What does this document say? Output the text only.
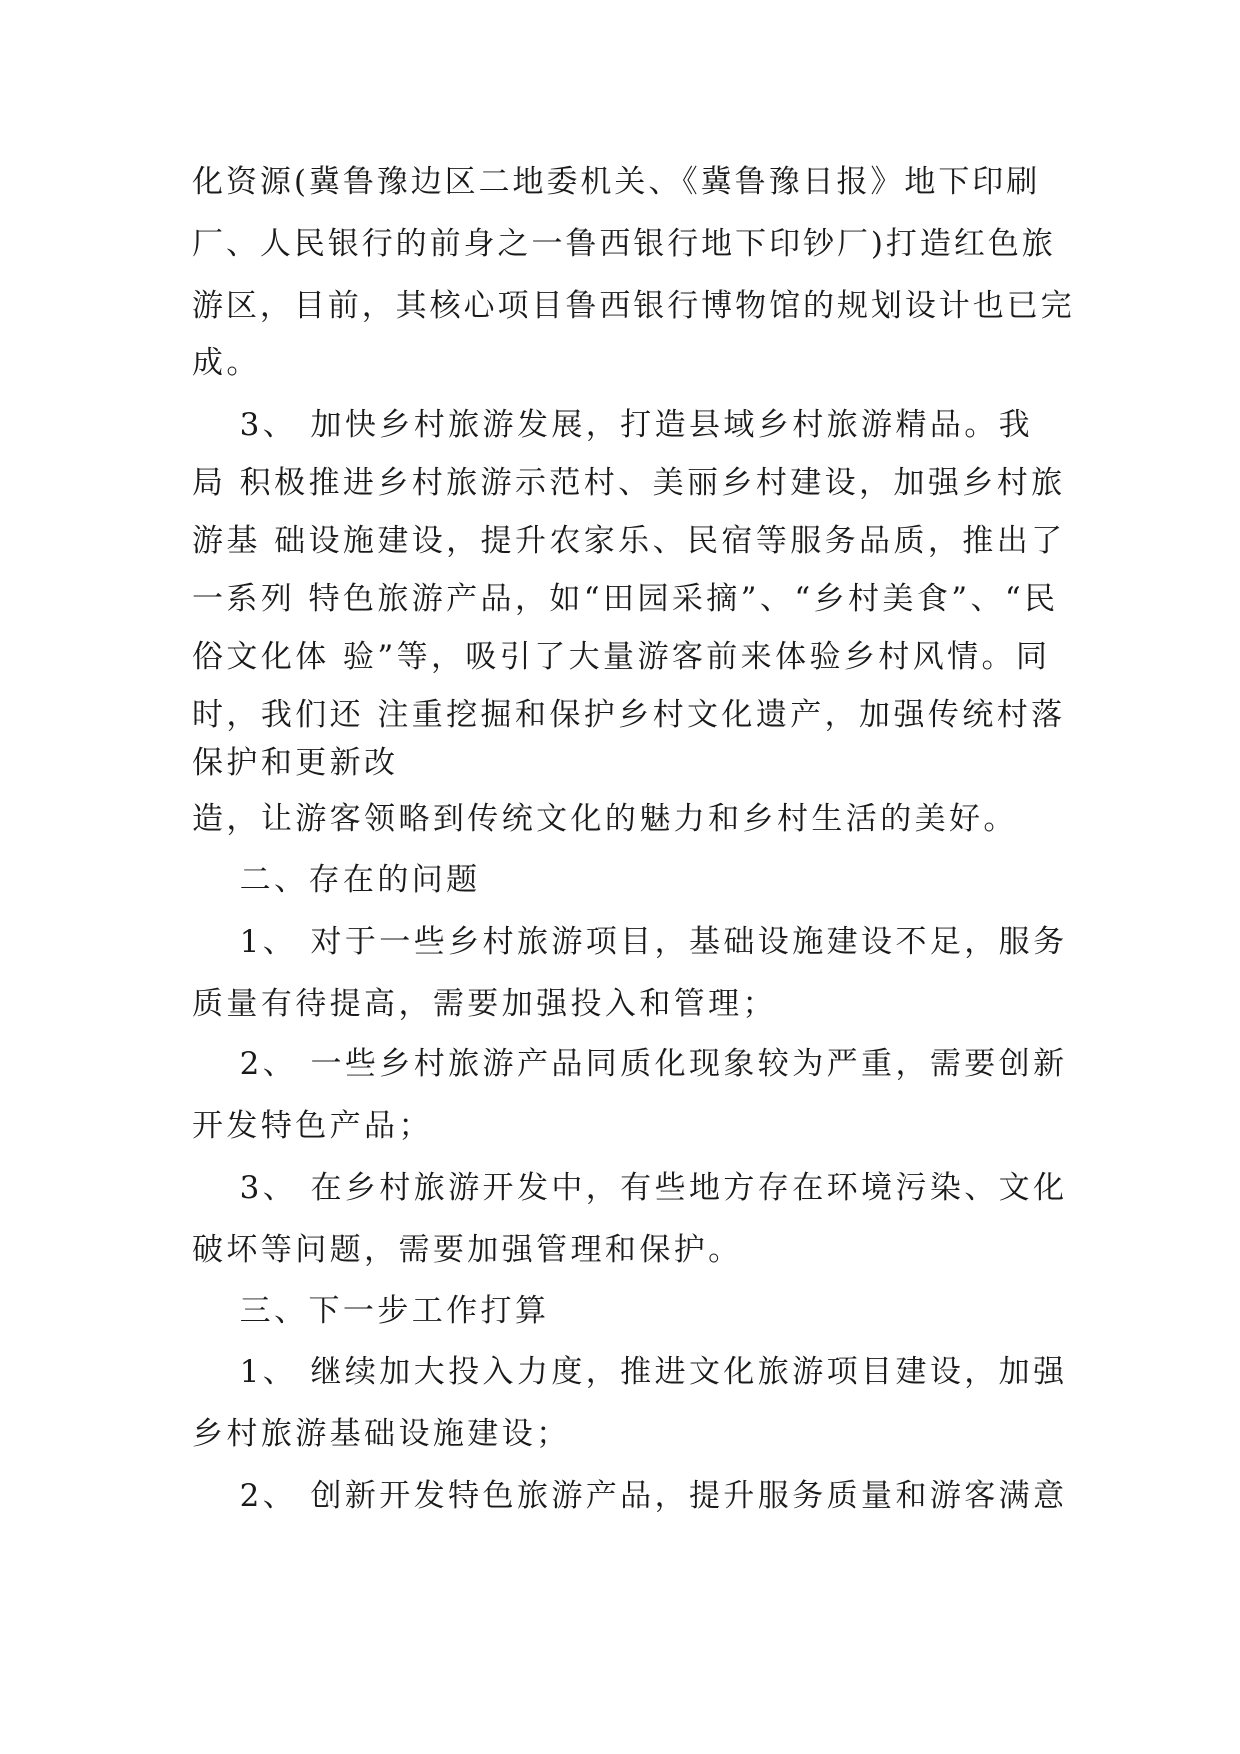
化资源(冀鲁豫边区二地委机关、《冀鲁豫日报》地下印刷
厂、人民银行的前身之一鲁西银行地下印钞厂)打造红色旅
游区，目前，其核心项目鲁西银行博物馆的规划设计也已完
成。
　 3、 加快乡村旅游发展，打造县域乡村旅游精品。我
局 积极推进乡村旅游示范村、美丽乡村建设，加强乡村旅
游基 础设施建设，提升农家乐、民宿等服务品质，推出了
一系列 特色旅游产品，如“田园采摘”、“乡村美食”、“民
俗文化体 验”等，吸引了大量游客前来体验乡村风情。同
时，我们还 注重挖掘和保护乡村文化遗产，加强传统村落
保护和更新改
造，让游客领略到传统文化的魅力和乡村生活的美好。
　 二、存在的问题
　 1、 对于一些乡村旅游项目，基础设施建设不足，服务
质量有待提高，需要加强投入和管理；
　 2、 一些乡村旅游产品同质化现象较为严重，需要创新
开发特色产品；
　 3、 在乡村旅游开发中，有些地方存在环境污染、文化
破坏等问题，需要加强管理和保护。
　 三、下一步工作打算
　 1、 继续加大投入力度，推进文化旅游项目建设，加强
乡村旅游基础设施建设；
　 2、 创新开发特色旅游产品，提升服务质量和游客满意
